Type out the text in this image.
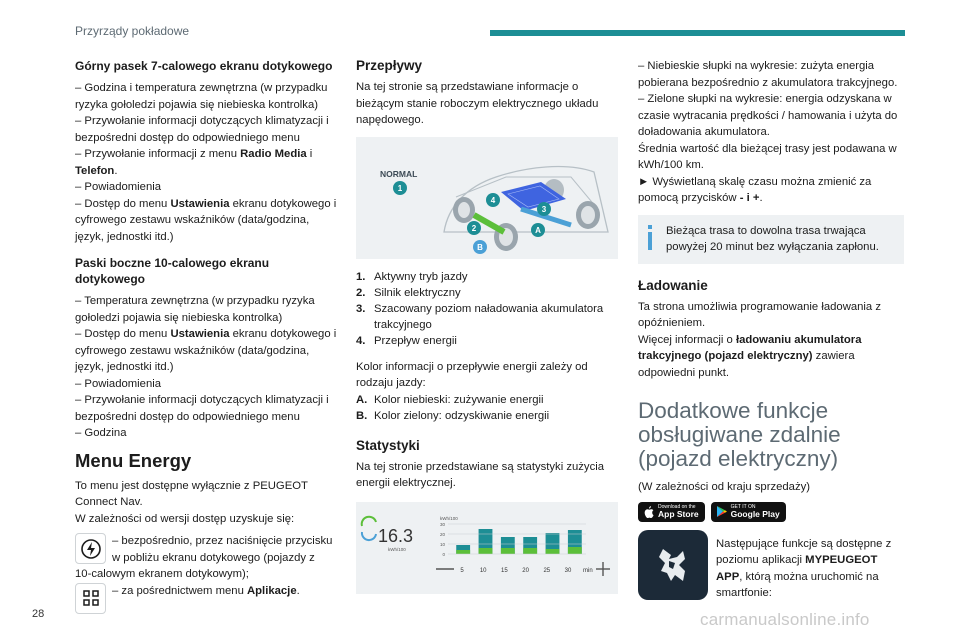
Przyrządy pokładowe
Górny pasek 7-calowego ekranu dotykowego
– Godzina i temperatura zewnętrzna (w przypadku ryzyka gołoledzi pojawia się niebieska kontrolka)
– Przywołanie informacji dotyczących klimatyzacji i bezpośredni dostęp do odpowiedniego menu
– Przywołanie informacji z menu Radio Media i Telefon.
– Powiadomienia
– Dostęp do menu Ustawienia ekranu dotykowego i cyfrowego zestawu wskaźników (data/godzina, język, jednostki itd.)
Paski boczne 10-calowego ekranu dotykowego
– Temperatura zewnętrzna (w przypadku ryzyka gołoledzi pojawia się niebieska kontrolka)
– Dostęp do menu Ustawienia ekranu dotykowego i cyfrowego zestawu wskaźników (data/godzina, język, jednostki itd.)
– Powiadomienia
– Przywołanie informacji dotyczących klimatyzacji i bezpośredni dostęp do odpowiedniego menu
– Godzina
Menu Energy
To menu jest dostępne wyłącznie z PEUGEOT Connect Nav.
W zależności od wersji dostęp uzyskuje się:
– bezpośrednio, przez naciśnięcie przycisku w pobliżu ekranu dotykowego (pojazdy z
10-calowym ekranem dotykowym);
– za pośrednictwem menu Aplikacje.
Przepływy
Na tej stronie są przedstawiane informacje o bieżącym stanie roboczym elektrycznego układu napędowego.
NORMAL
1
4
3
2	A
B
1. Aktywny tryb jazdy
2. Silnik elektryczny
3. Szacowany poziom naładowania akumulatora trakcyjnego
4. Przepływ energii
Kolor informacji o przepływie energii zależy od rodzaju jazdy:
A. Kolor niebieski: zużywanie energii
B. Kolor zielony: odzyskiwanie energii
Statystyki
Na tej stronie przedstawiane są statystyki zużycia energii elektrycznej.
16.3
kWh/100
kWh/100
0
10
20
30
5	10 15 20 25 30 min
– Niebieskie słupki na wykresie: zużyta energia pobierana bezpośrednio z akumulatora trakcyjnego.
– Zielone słupki na wykresie: energia odzyskana w czasie wytracania prędkości / hamowania i użyta do doładowania akumulatora.
Średnia wartość dla bieżącej trasy jest podawana w kWh/100 km.
► Wyświetlaną skalę czasu można zmienić za pomocą przycisków - i +.
Bieżąca trasa to dowolna trasa trwająca powyżej 20 minut bez wyłączania zapłonu.
Ładowanie
Ta strona umożliwia programowanie ładowania z opóźnieniem.
Więcej informacji o ładowaniu akumulatora trakcyjnego (pojazd elektryczny) zawiera odpowiedni punkt.
Dodatkowe funkcje obsługiwane zdalnie (pojazd elektryczny)
(W zależności od kraju sprzedaży)
Download on the
App Store
GET IT ON
Google Play
Następujące funkcje są dostępne z poziomu aplikacji MYPEUGEOT APP, którą można uruchomić na smartfonie:
28	carmanualsonline.info
